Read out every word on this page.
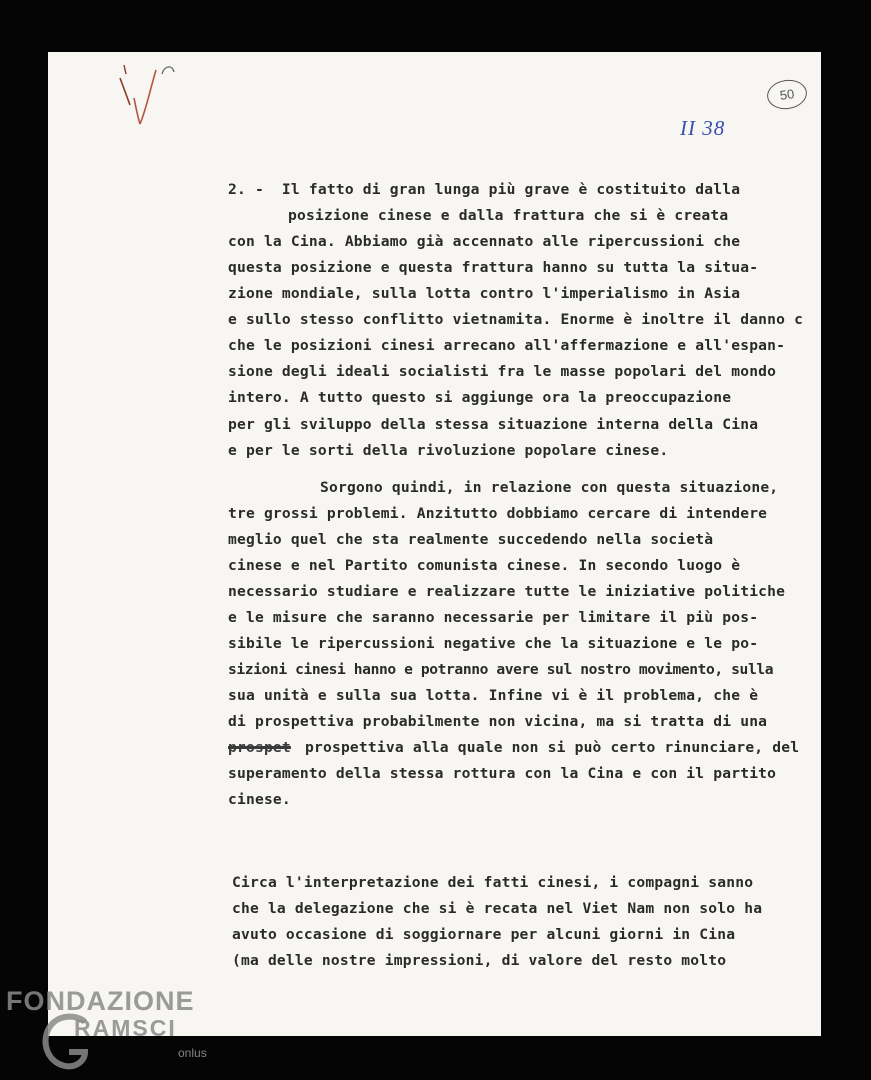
50
II 38
2. -  Il fatto di gran lunga più grave è costituito dalla
posizione cinese e dalla frattura che si è creata
con la Cina. Abbiamo già accennato alle ripercussioni che
questa posizione e questa frattura hanno su tutta la situa-
zione mondiale, sulla lotta contro l'imperialismo in Asia
e sullo stesso conflitto vietnamita. Enorme è inoltre il danno c
che le posizioni cinesi arrecano all'affermazione e all'espan-
sione degli ideali socialisti fra le masse popolari del mondo
intero. A tutto questo si aggiunge ora la preoccupazione
per gli sviluppo della stessa situazione interna della Cina
e per le sorti della rivoluzione popolare cinese.
Sorgono quindi, in relazione con questa situazione,
tre grossi problemi. Anzitutto dobbiamo cercare di intendere
meglio quel che sta realmente succedendo nella società
cinese e nel Partito comunista cinese. In secondo luogo è
necessario studiare e realizzare tutte le iniziative politiche
e le misure che saranno necessarie per limitare il più pos-
sibile le ripercussioni negative che la situazione e le po-
sizioni cinesi hanno e potranno avere sul nostro movimento, sulla
sua unità e sulla sua lotta. Infine vi è il problema, che è
di prospettiva probabilmente non vicina, ma si tratta di una
prospet prospettiva alla quale non si può certo rinunciare, del
superamento della stessa rottura con la Cina e con il partito
cinese.
Circa l'interpretazione dei fatti cinesi, i compagni sanno
che la delegazione che si è recata nel Viet Nam non solo ha
avuto occasione di soggiornare per alcuni giorni in Cina
(ma delle nostre impressioni, di valore del resto molto
FONDAZIONE
G
RAMSCI
onlus
